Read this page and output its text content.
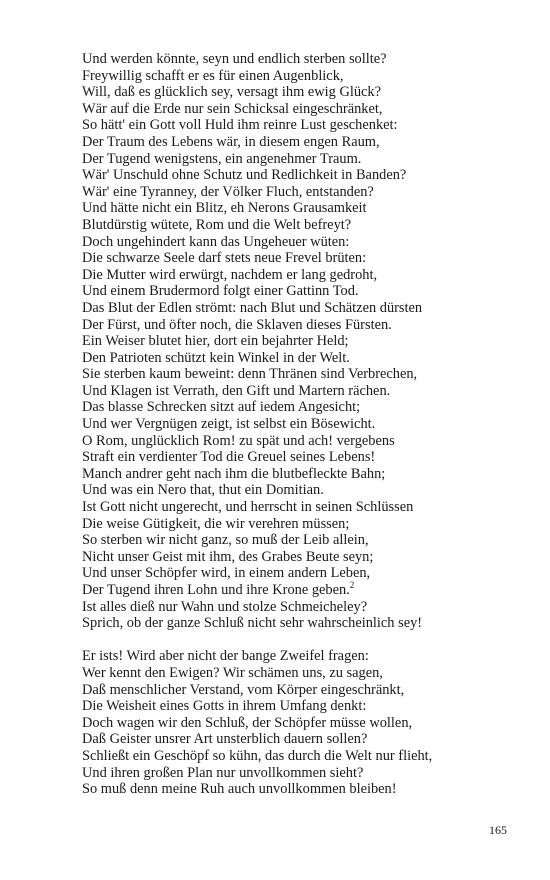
Und werden könnte, seyn und endlich sterben sollte?
Freywillig schafft er es für einen Augenblick,
Will, daß es glücklich sey, versagt ihm ewig Glück?
Wär auf die Erde nur sein Schicksal eingeschränket,
So hätt' ein Gott voll Huld ihm reinre Lust geschenket:
Der Traum des Lebens wär, in diesem engen Raum,
Der Tugend wenigstens, ein angenehmer Traum.
Wär' Unschuld ohne Schutz und Redlichkeit in Banden?
Wär' eine Tyranney, der Völker Fluch, entstanden?
Und hätte nicht ein Blitz, eh Nerons Grausamkeit
Blutdürstig wütete, Rom und die Welt befreyt?
Doch ungehindert kann das Ungeheuer wüten:
Die schwarze Seele darf stets neue Frevel brüten:
Die Mutter wird erwürgt, nachdem er lang gedroht,
Und einem Brudermord folgt einer Gattinn Tod.
Das Blut der Edlen strömt: nach Blut und Schätzen dürsten
Der Fürst, und öfter noch, die Sklaven dieses Fürsten.
Ein Weiser blutet hier, dort ein bejahrter Held;
Den Patrioten schützt kein Winkel in der Welt.
Sie sterben kaum beweint: denn Thränen sind Verbrechen,
Und Klagen ist Verrath, den Gift und Martern rächen.
Das blasse Schrecken sitzt auf iedem Angesicht;
Und wer Vergnügen zeigt, ist selbst ein Bösewicht.
O Rom, unglücklich Rom! zu spät und ach! vergebens
Straft ein verdienter Tod die Greuel seines Lebens!
Manch andrer geht nach ihm die blutbefleckte Bahn;
Und was ein Nero that, thut ein Domitian.
Ist Gott nicht ungerecht, und herrscht in seinen Schlüssen
Die weise Gütigkeit, die wir verehren müssen;
So sterben wir nicht ganz, so muß der Leib allein,
Nicht unser Geist mit ihm, des Grabes Beute seyn;
Und unser Schöpfer wird, in einem andern Leben,
Der Tugend ihren Lohn und ihre Krone geben.$^2$
Ist alles dieß nur Wahn und stolze Schmeicheley?
Sprich, ob der ganze Schluß nicht sehr wahrscheinlich sey!
Er ists! Wird aber nicht der bange Zweifel fragen:
Wer kennt den Ewigen? Wir schämen uns, zu sagen,
Daß menschlicher Verstand, vom Körper eingeschränkt,
Die Weisheit eines Gotts in ihrem Umfang denkt:
Doch wagen wir den Schluß, der Schöpfer müsse wollen,
Daß Geister unsrer Art unsterblich dauern sollen?
Schließt ein Geschöpf so kühn, das durch die Welt nur flieht,
Und ihren großen Plan nur unvollkommen sieht?
So muß denn meine Ruh auch unvollkommen bleiben!
165
